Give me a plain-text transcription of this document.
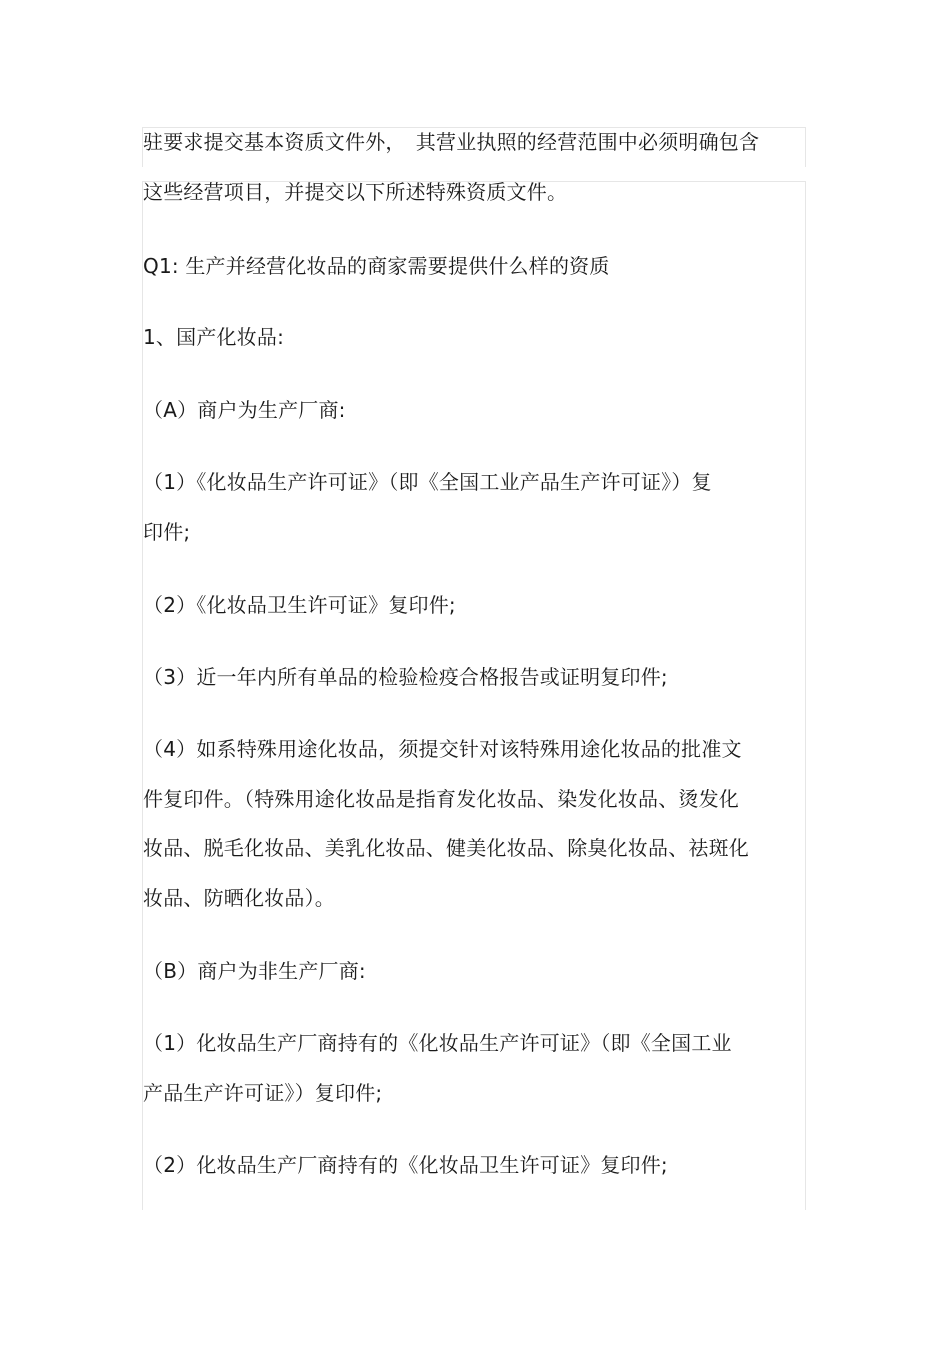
驻要求提交基本资质文件外，　其营业执照的经营范围中必须明确包含
这些经营项目，并提交以下所述特殊资质文件。
Q1: 生产并经营化妆品的商家需要提供什么样的资质
1、国产化妆品:
（A）商户为生产厂商:
（1）《化妆品生产许可证》（即《全国工业产品生产许可证》）复
印件;
（2）《化妆品卫生许可证》复印件;
（3）近一年内所有单品的检验检疫合格报告或证明复印件;
（4）如系特殊用途化妆品，须提交针对该特殊用途化妆品的批准文
件复印件。（特殊用途化妆品是指育发化妆品、染发化妆品、烫发化
妆品、脱毛化妆品、美乳化妆品、健美化妆品、除臭化妆品、祛斑化
妆品、防晒化妆品）。
（B）商户为非生产厂商:
（1）化妆品生产厂商持有的《化妆品生产许可证》（即《全国工业
产品生产许可证》）复印件;
（2）化妆品生产厂商持有的《化妆品卫生许可证》复印件;
